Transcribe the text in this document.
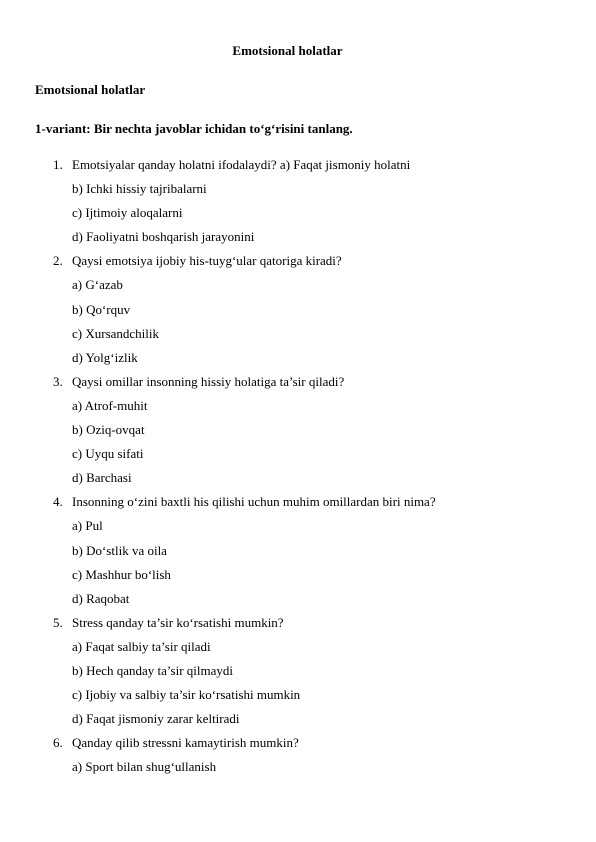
Emotsional holatlar
Emotsional holatlar
1-variant: Bir nechta javoblar ichidan to‘g‘risini tanlang.
1. Emotsiyalar qanday holatni ifodalaydi? a) Faqat jismoniy holatni
b) Ichki hissiy tajribalarni
c) Ijtimoiy aloqalarni
d) Faoliyatni boshqarish jarayonini
2. Qaysi emotsiya ijobiy his-tuyg‘ular qatoriga kiradi?
a) G‘azab
b) Qo‘rquv
c) Xursandchilik
d) Yolg‘izlik
3. Qaysi omillar insonning hissiy holatiga ta’sir qiladi?
a) Atrof-muhit
b) Oziq-ovqat
c) Uyqu sifati
d) Barchasi
4. Insonning o‘zini baxtli his qilishi uchun muhim omillardan biri nima?
a) Pul
b) Do‘stlik va oila
c) Mashhur bo‘lish
d) Raqobat
5. Stress qanday ta’sir ko‘rsatishi mumkin?
a) Faqat salbiy ta’sir qiladi
b) Hech qanday ta’sir qilmaydi
c) Ijobiy va salbiy ta’sir ko‘rsatishi mumkin
d) Faqat jismoniy zarar keltiradi
6. Qanday qilib stressni kamaytirish mumkin?
a) Sport bilan shug‘ullanish
